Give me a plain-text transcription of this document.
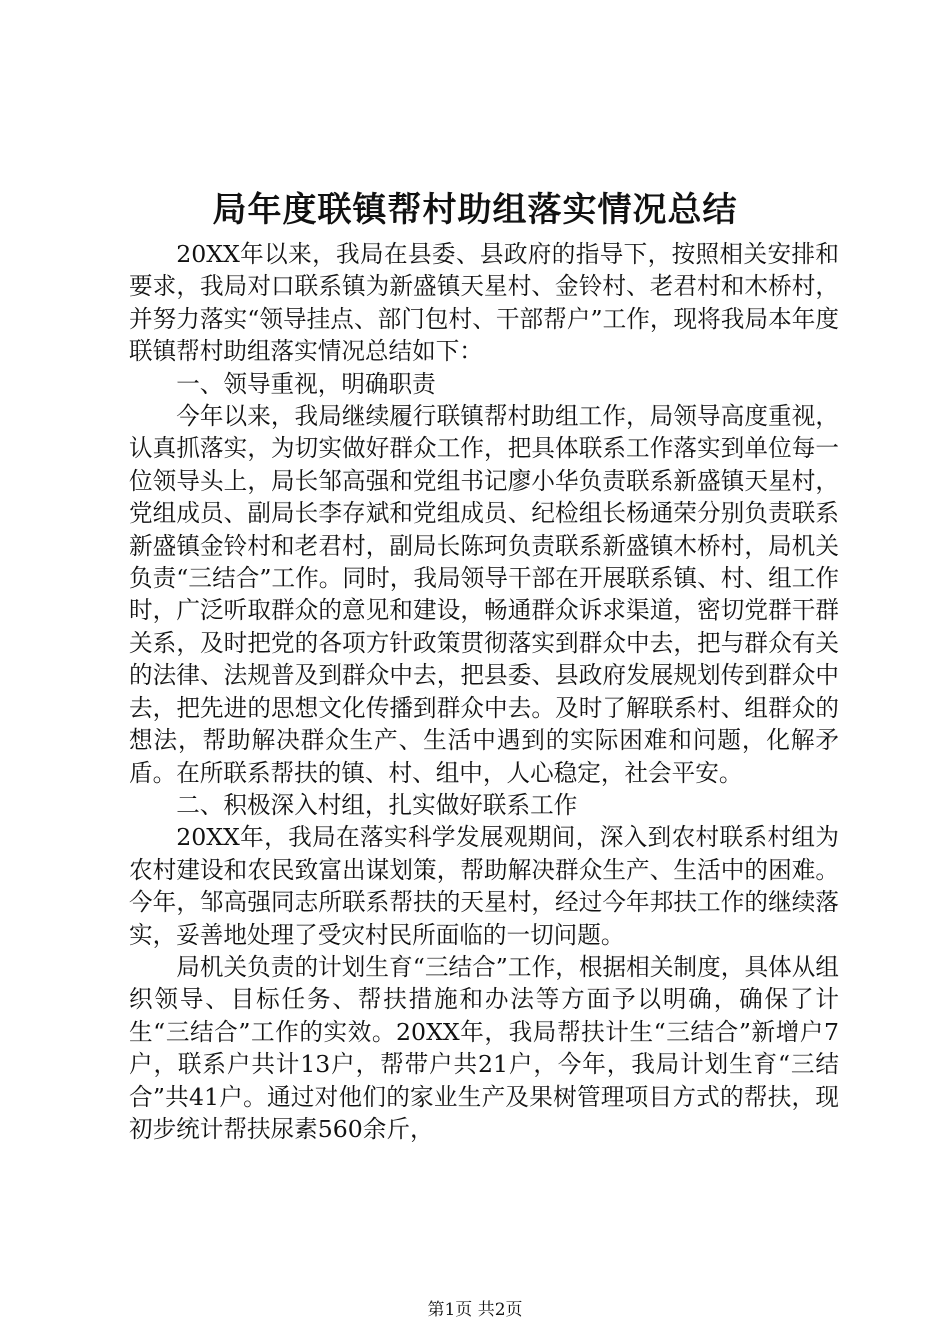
局年度联镇帮村助组落实情况总结

20XX年以来，我局在县委、县政府的指导下，按照相关安排和要求，我局对口联系镇为新盛镇天星村、金铃村、老君村和木桥村，并努力落实“领导挂点、部门包村、干部帮户”工作，现将我局本年度联镇帮村助组落实情况总结如下：

一、领导重视，明确职责

今年以来，我局继续履行联镇帮村助组工作，局领导高度重视，认真抓落实，为切实做好群众工作，把具体联系工作落实到单位每一位领导头上，局长邹高强和党组书记廖小华负责联系新盛镇天星村，党组成员、副局长李存斌和党组成员、纪检组长杨通荣分别负责联系新盛镇金铃村和老君村，副局长陈珂负责联系新盛镇木桥村，局机关负责“三结合”工作。同时，我局领导干部在开展联系镇、村、组工作时，广泛听取群众的意见和建设，畅通群众诉求渠道，密切党群干群关系，及时把党的各项方针政策贯彻落实到群众中去，把与群众有关的法律、法规普及到群众中去，把县委、县政府发展规划传到群众中去，把先进的思想文化传播到群众中去。及时了解联系村、组群众的想法，帮助解决群众生产、生活中遇到的实际困难和问题，化解矛盾。在所联系帮扶的镇、村、组中，人心稳定，社会平安。

二、积极深入村组，扎实做好联系工作

20XX年，我局在落实科学发展观期间，深入到农村联系村组为农村建设和农民致富出谋划策，帮助解决群众生产、生活中的困难。今年，邹高强同志所联系帮扶的天星村，经过今年邦扶工作的继续落实，妥善地处理了受灾村民所面临的一切问题。

局机关负责的计划生育“三结合”工作，根据相关制度，具体从组织领导、目标任务、帮扶措施和办法等方面予以明确，确保了计生“三结合”工作的实效。20XX年，我局帮扶计生“三结合”新增户7户，联系户共计13户，帮带户共21户，今年，我局计划生育“三结合”共41户。通过对他们的家业生产及果树管理项目方式的帮扶，现初步统计帮扶尿素560余斤，

第1页 共2页
